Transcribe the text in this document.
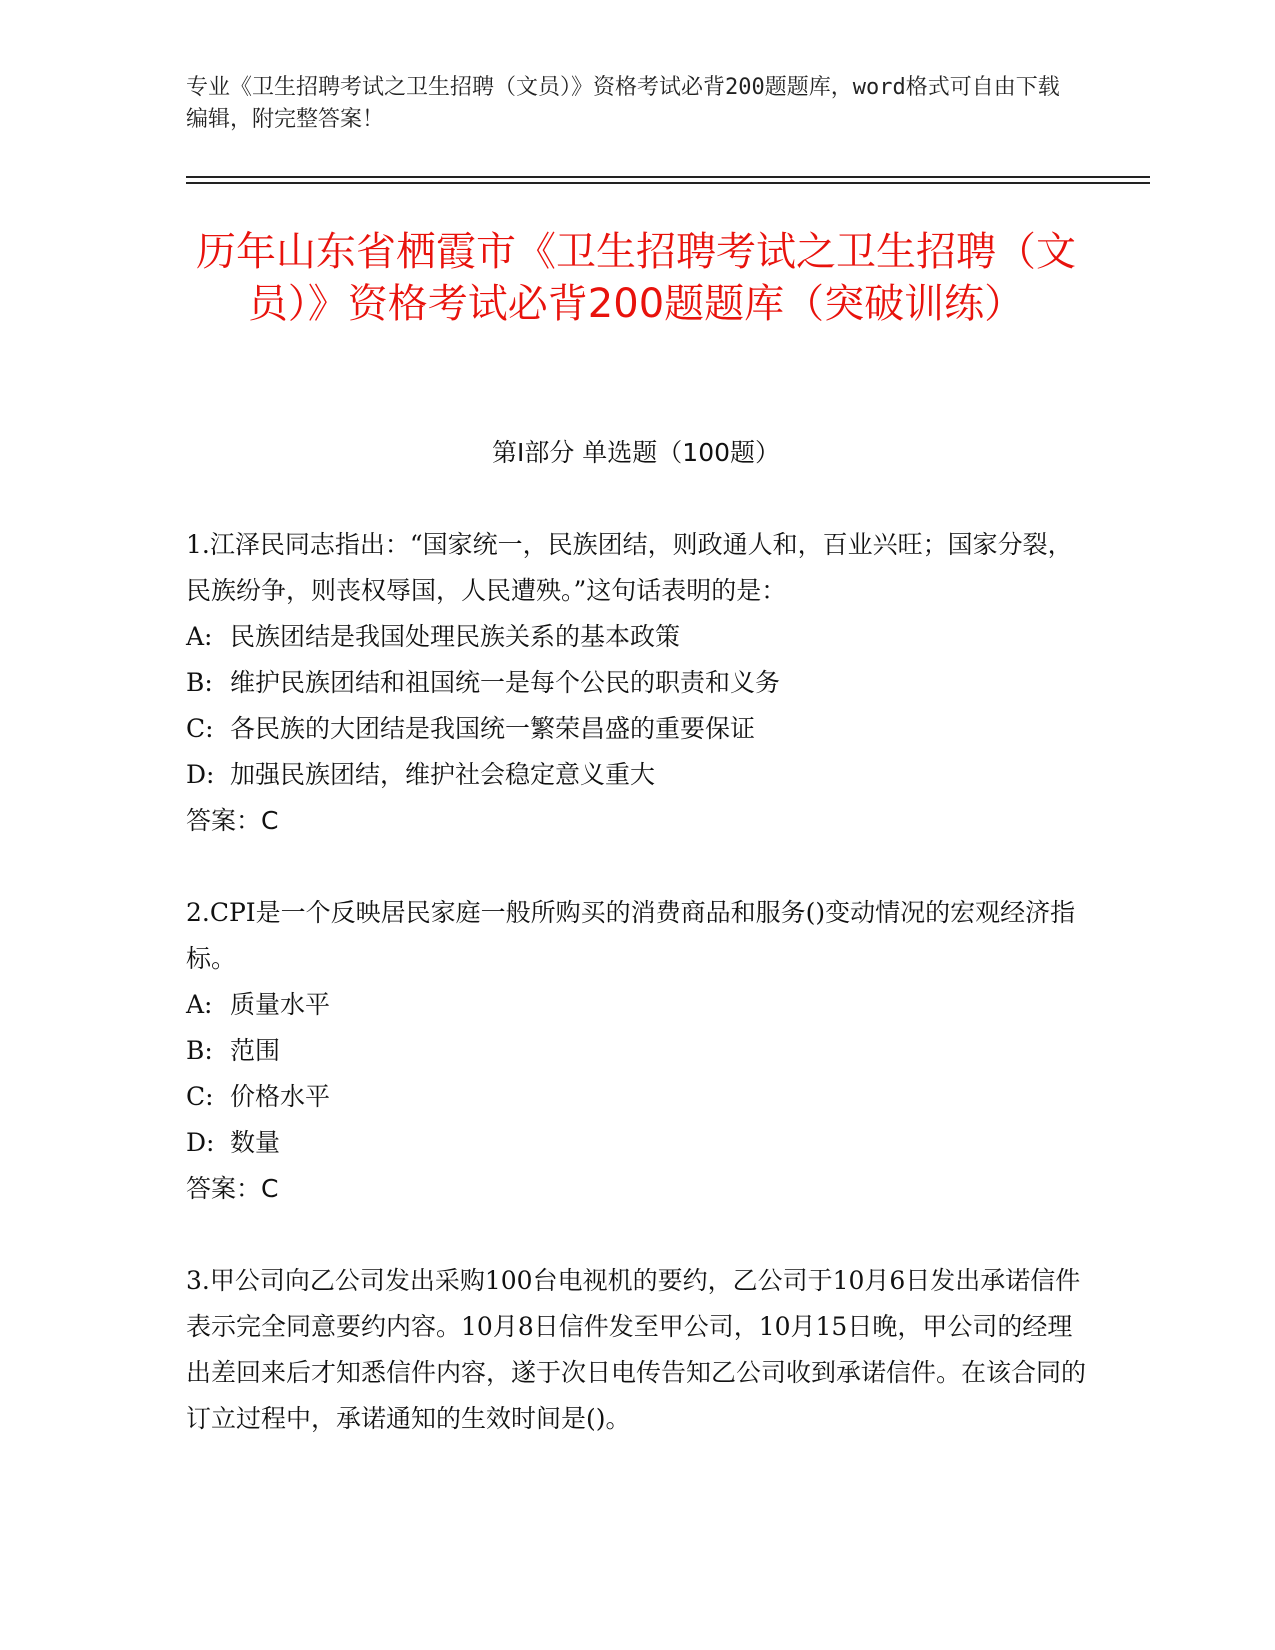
专业《卫生招聘考试之卫生招聘（文员）》资格考试必背200题题库，word格式可自由下载编辑，附完整答案！
历年山东省栖霞市《卫生招聘考试之卫生招聘（文员）》资格考试必背200题题库（突破训练）
第Ⅰ部分 单选题（100题）
1.江泽民同志指出：“国家统一，民族团结，则政通人和，百业兴旺；国家分裂，民族纷争，则丧权辱国，人民遭殃。”这句话表明的是：
A: 民族团结是我国处理民族关系的基本政策
B: 维护民族团结和祖国统一是每个公民的职责和义务
C: 各民族的大团结是我国统一繁荣昌盛的重要保证
D: 加强民族团结，维护社会稳定意义重大
答案：C
2.CPI是一个反映居民家庭一般所购买的消费商品和服务()变动情况的宏观经济指标。
A: 质量水平
B: 范围
C: 价格水平
D: 数量
答案：C
3.甲公司向乙公司发出采购100台电视机的要约，乙公司于10月6日发出承诺信件表示完全同意要约内容。10月8日信件发至甲公司，10月15日晚，甲公司的经理出差回来后才知悉信件内容，遂于次日电传告知乙公司收到承诺信件。在该合同的订立过程中，承诺通知的生效时间是()。
